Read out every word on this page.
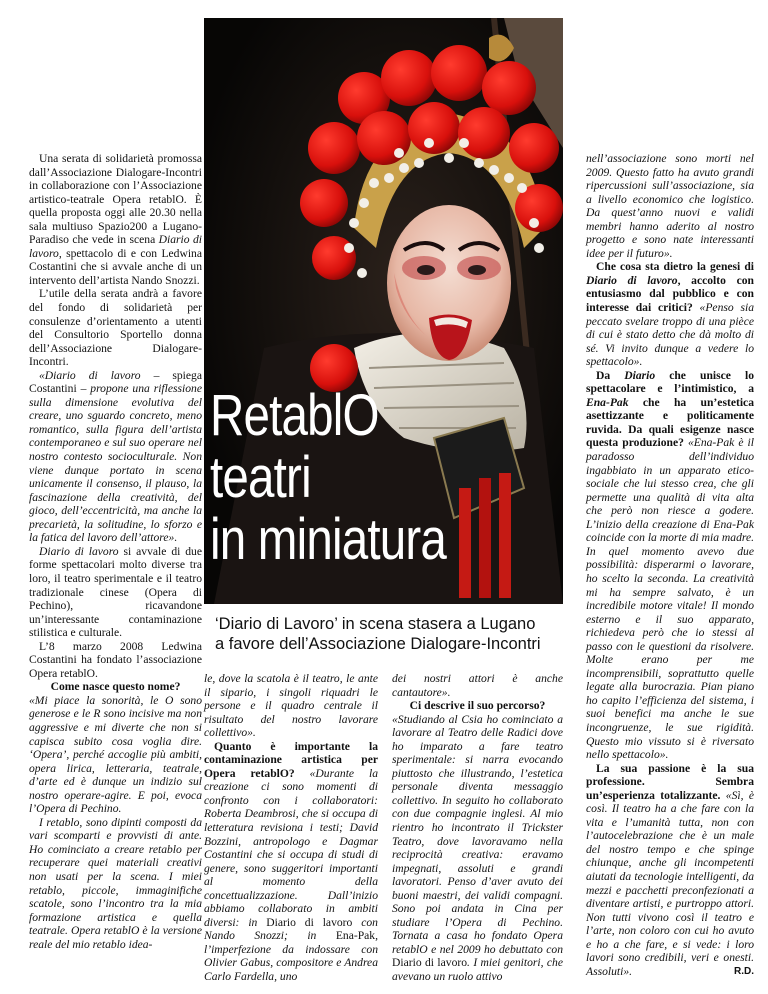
RetablO
teatri
in miniatura
‘Diario di Lavoro’ in scena stasera a Lugano
a favore dell’Associazione Dialogare-Incontri

Una serata di solidarietà promossa dall’Associazione Dialogare-Incontri in collaborazione con l’Associazione artistico-teatrale Opera retablO. È quella proposta oggi alle 20.30 nella sala multiuso Spazio200 a Lugano-Paradiso che vede in scena Diario di lavoro, spettacolo di e con Ledwina Costantini che si avvale anche di un intervento dell’artista Nando Snozzi.

L’utile della serata andrà a favore del fondo di solidarietà per consulenze d’orientamento a utenti del Consultorio Sportello donna dell’Associazione Dialogare-Incontri.

«Diario di lavoro – spiega Costantini – propone una riflessione sulla dimensione evolutiva del creare, uno sguardo concreto, meno romantico, sulla figura dell’artista contemporaneo e sul suo operare nel nostro contesto socioculturale. Non viene dunque portato in scena unicamente il consenso, il plauso, la fascinazione della creatività, del gioco, dell’eccentricità, ma anche la precarietà, la solitudine, lo sforzo e la fatica del lavoro dell’attore».

Diario di lavoro si avvale di due forme spettacolari molto diverse tra loro, il teatro sperimentale e il teatro tradizionale cinese (Opera di Pechino), ricavandone un’interessante contaminazione stilistica e culturale.

L’8 marzo 2008 Ledwina Costantini ha fondato l’associazione Opera retablO.

Come nasce questo nome?

«Mi piace la sonorità, le O sono generose e le R sono incisive ma non aggressive e mi diverte che non si capisca subito cosa voglia dire. ‘Opera’, perché accoglie più ambiti, opera lirica, letteraria, teatrale, d’arte ed è dunque un indizio sul nostro operare-agire. E poi, evoca l’Opera di Pechino.

I retablo, sono dipinti composti da vari scomparti e provvisti di ante. Ho cominciato a creare retablo per recuperare quei materiali creativi non usati per la scena. I miei retablo, piccole, immaginifiche scatole, sono l’incontro tra la mia formazione artistica e quella teatrale. Opera retablO è la versione reale del mio retablo idea-

le, dove la scatola è il teatro, le ante il sipario, i singoli riquadri le persone e il quadro centrale il risultato del nostro lavorare collettivo».

Quanto è importante la contaminazione artistica per Opera retablO? «Durante la creazione ci sono momenti di confronto con i collaboratori: Roberta Deambrosi, che si occupa di letteratura revisiona i testi; David Bozzini, antropologo e Dagmar Costantini che si occupa di studi di genere, sono suggeritori importanti al momento della concettualizzazione. Dall’inizio abbiamo collaborato in ambiti diversi: in Diario di lavoro con Nando Snozzi; in Ena-Pak, l’imperfezione da indossare con Olivier Gabus, compositore e Andrea Carlo Fardella, uno

dei nostri attori è anche cantautore».

Ci descrive il suo percorso?

«Studiando al Csia ho cominciato a lavorare al Teatro delle Radici dove ho imparato a fare teatro sperimentale: si narra evocando piuttosto che illustrando, l’estetica personale diventa messaggio collettivo. In seguito ho collaborato con due compagnie inglesi. Al mio rientro ho incontrato il Trickster Teatro, dove lavoravamo nella reciprocità creativa: eravamo impegnati, assoluti e grandi lavoratori. Penso d’aver avuto dei buoni maestri, dei validi compagni. Sono poi andata in Cina per studiare l’Opera di Pechino. Tornata a casa ho fondato Opera retablO e nel 2009 ho debuttato con Diario di lavoro. I miei genitori, che avevano un ruolo attivo

nell’associazione sono morti nel 2009. Questo fatto ha avuto grandi ripercussioni sull’associazione, sia a livello economico che logistico. Da quest’anno nuovi e validi membri hanno aderito al nostro progetto e sono nate interessanti idee per il futuro».

Che cosa sta dietro la genesi di Diario di lavoro, accolto con entusiasmo dal pubblico e con interesse dai critici? «Penso sia peccato svelare troppo di una pièce di cui è stato detto che dà molto di sé. Vi invito dunque a vedere lo spettacolo».

Da Diario che unisce lo spettacolare e l’intimistico, a Ena-Pak che ha un’estetica asettizzante e politicamente ruvida. Da quali esigenze nasce questa produzione? «Ena-Pak è il paradosso dell’individuo ingabbiato in un apparato etico-sociale che lui stesso crea, che gli permette una qualità di vita alta che però non riesce a godere. L’inizio della creazione di Ena-Pak coincide con la morte di mia madre. In quel momento avevo due possibilità: disperarmi o lavorare, ho scelto la seconda. La creatività mi ha sempre salvato, è un incredibile motore vitale! Il mondo esterno e il suo apparato, richiedeva però che io stessi al passo con le questioni da risolvere. Molte erano per me incomprensibili, soprattutto quelle legate alla burocrazia. Pian piano ho capito l’efficienza del sistema, i suoi benefici ma anche le sue incongruenze, le sue rigidità. Questo mio vissuto si è riversato nello spettacolo».

La sua passione è la sua professione. Sembra un’esperienza totalizzante. «Sì, è così. Il teatro ha a che fare con la vita e l’umanità tutta, non con l’autocelebrazione che è un male del nostro tempo e che spinge chiunque, anche gli incompetenti aiutati da tecnologie intelligenti, da mezzi e pacchetti preconfezionati a diventare artisti, e purtroppo attori. Non tutti vivono così il teatro e l’arte, non coloro con cui ho avuto e ho a che fare, e si vede: i loro lavori sono credibili, veri e onesti. Assoluti».	R.D.
